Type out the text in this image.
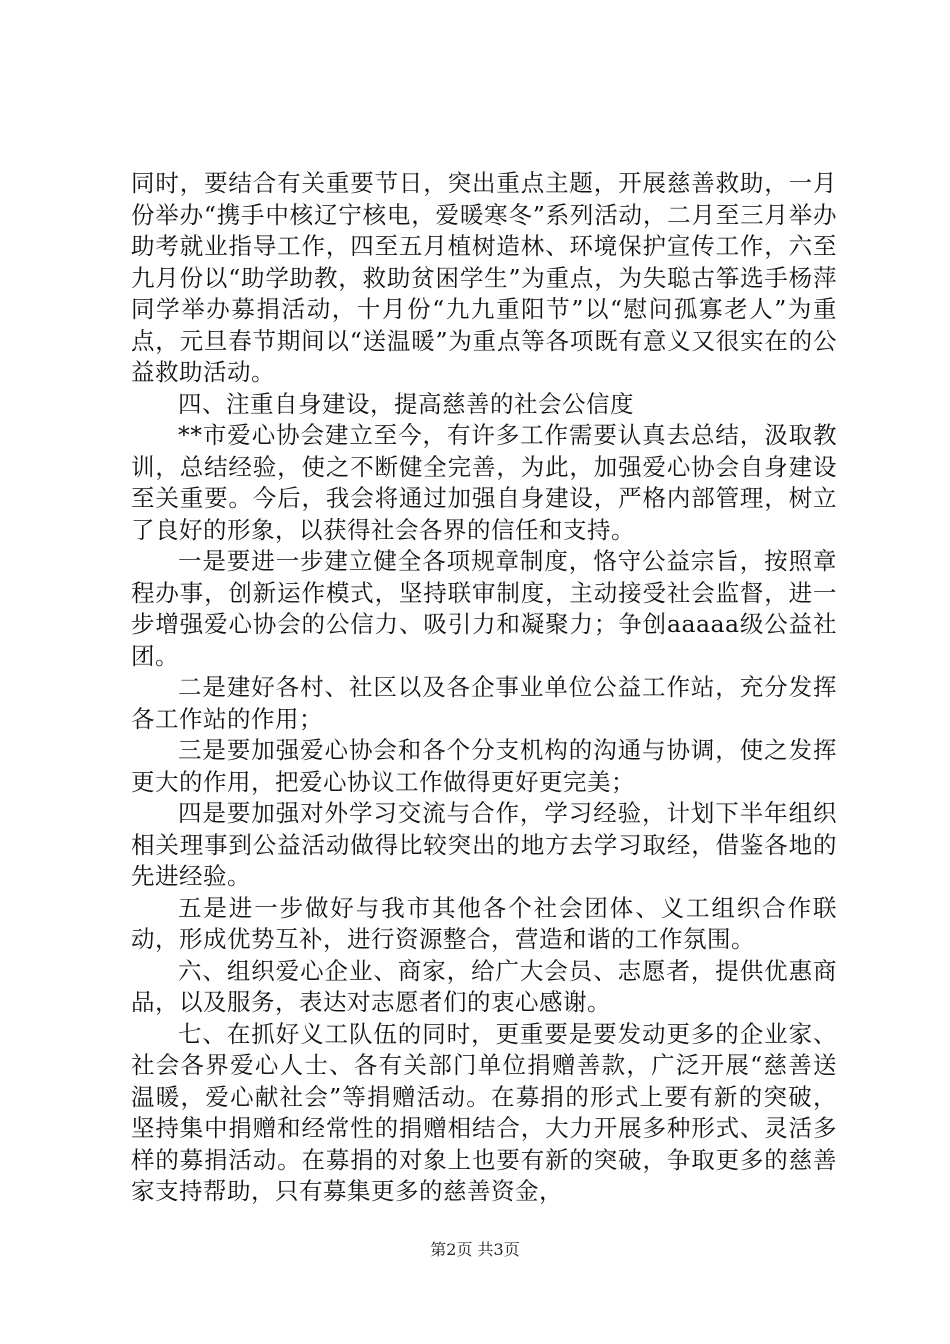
同时，要结合有关重要节日，突出重点主题，开展慈善救助，一月份举办“携手中核辽宁核电，爱暖寒冬”系列活动，二月至三月举办助考就业指导工作，四至五月植树造林、环境保护宣传工作，六至九月份以“助学助教，救助贫困学生”为重点，为失聪古筝选手杨萍同学举办募捐活动，十月份“九九重阳节”以“慰问孤寡老人”为重点，元旦春节期间以“送温暖”为重点等各项既有意义又很实在的公益救助活动。

四、注重自身建设，提高慈善的社会公信度

**市爱心协会建立至今，有许多工作需要认真去总结，汲取教训，总结经验，使之不断健全完善，为此，加强爱心协会自身建设至关重要。今后，我会将通过加强自身建设，严格内部管理，树立了良好的形象，以获得社会各界的信任和支持。

一是要进一步建立健全各项规章制度，恪守公益宗旨，按照章程办事，创新运作模式，坚持联审制度，主动接受社会监督，进一步增强爱心协会的公信力、吸引力和凝聚力；争创aaaaa级公益社团。

二是建好各村、社区以及各企事业单位公益工作站，充分发挥各工作站的作用；

三是要加强爱心协会和各个分支机构的沟通与协调，使之发挥更大的作用，把爱心协议工作做得更好更完美；

四是要加强对外学习交流与合作，学习经验，计划下半年组织相关理事到公益活动做得比较突出的地方去学习取经，借鉴各地的先进经验。

五是进一步做好与我市其他各个社会团体、义工组织合作联动，形成优势互补，进行资源整合，营造和谐的工作氛围。

六、组织爱心企业、商家，给广大会员、志愿者，提供优惠商品，以及服务，表达对志愿者们的衷心感谢。

七、在抓好义工队伍的同时，更重要是要发动更多的企业家、社会各界爱心人士、各有关部门单位捐赠善款，广泛开展“慈善送温暖，爱心献社会”等捐赠活动。在募捐的形式上要有新的突破，坚持集中捐赠和经常性的捐赠相结合，大力开展多种形式、灵活多样的募捐活动。在募捐的对象上也要有新的突破，争取更多的慈善家支持帮助，只有募集更多的慈善资金，

第2页 共3页
